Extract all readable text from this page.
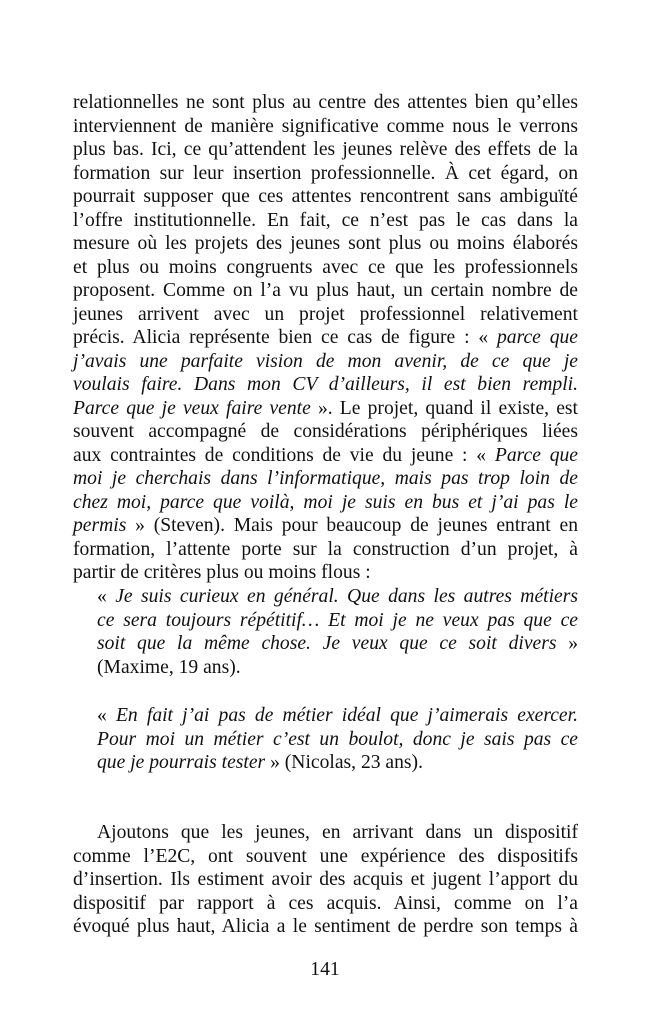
relationnelles ne sont plus au centre des attentes bien qu’elles
interviennent de manière significative comme nous le verrons
plus bas. Ici, ce qu’attendent les jeunes relève des effets de la
formation sur leur insertion professionnelle. À cet égard, on
pourrait supposer que ces attentes rencontrent sans ambiguïté
l’offre institutionnelle. En fait, ce n’est pas le cas dans la
mesure où les projets des jeunes sont plus ou moins élaborés
et plus ou moins congruents avec ce que les professionnels
proposent. Comme on l’a vu plus haut, un certain nombre de
jeunes arrivent avec un projet professionnel relativement
précis. Alicia représente bien ce cas de figure : « parce que
j’avais une parfaite vision de mon avenir, de ce que je
voulais faire. Dans mon CV d’ailleurs, il est bien rempli.
Parce que je veux faire vente ». Le projet, quand il existe, est
souvent accompagné de considérations périphériques liées
aux contraintes de conditions de vie du jeune : « Parce que
moi je cherchais dans l’informatique, mais pas trop loin de
chez moi, parce que voilà, moi je suis en bus et j’ai pas le
permis » (Steven). Mais pour beaucoup de jeunes entrant en
formation, l’attente porte sur la construction d’un projet, à
partir de critères plus ou moins flous :
« Je suis curieux en général. Que dans les autres métiers
ce sera toujours répétitif… Et moi je ne veux pas que ce
soit que la même chose. Je veux que ce soit divers »
(Maxime, 19 ans).
« En fait j’ai pas de métier idéal que j’aimerais exercer.
Pour moi un métier c’est un boulot, donc je sais pas ce
que je pourrais tester » (Nicolas, 23 ans).
Ajoutons que les jeunes, en arrivant dans un dispositif
comme l’E2C, ont souvent une expérience des dispositifs
d’insertion. Ils estiment avoir des acquis et jugent l’apport du
dispositif par rapport à ces acquis. Ainsi, comme on l’a
évoqué plus haut, Alicia a le sentiment de perdre son temps à
141
